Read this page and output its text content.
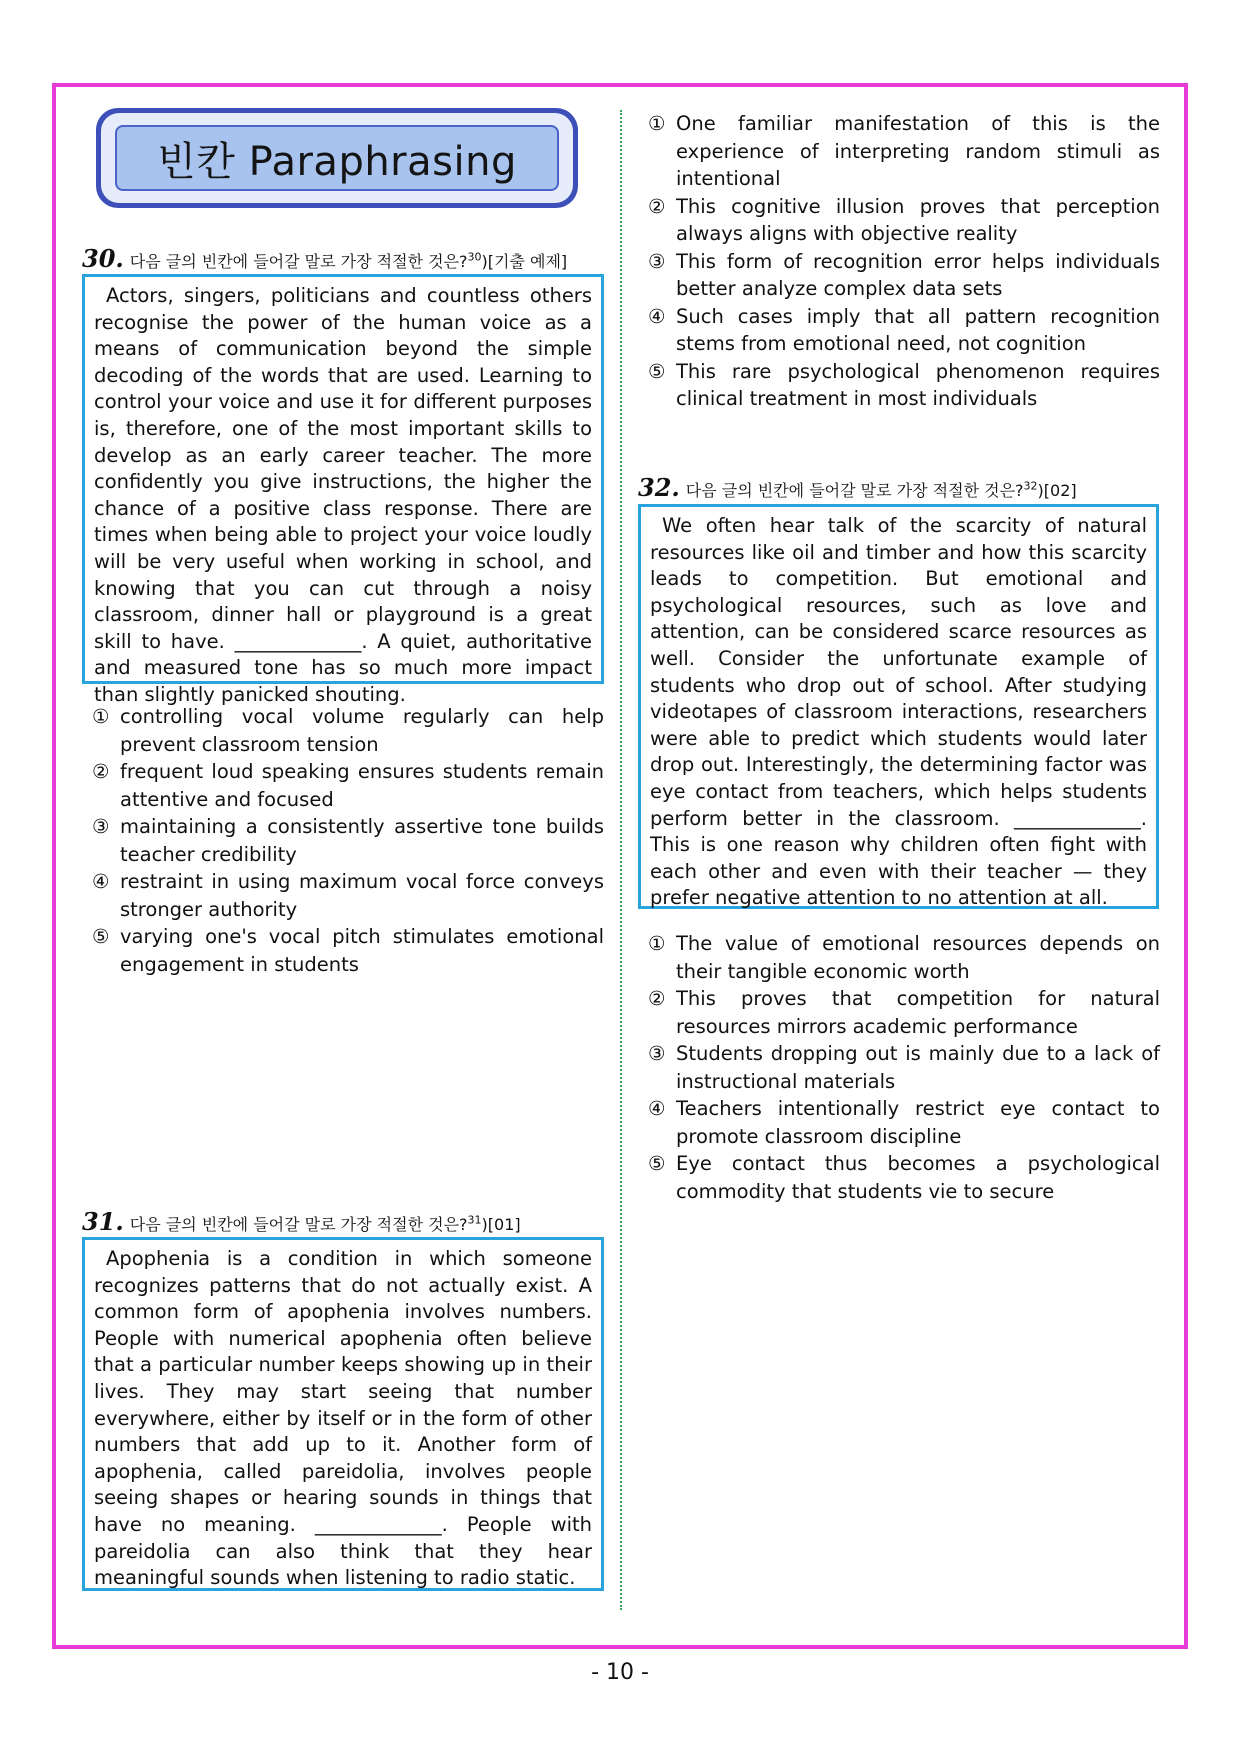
빈칸 Paraphrasing
30. 다음 글의 빈칸에 들어갈 말로 가장 적절한 것은?$^{30}$)[기출 예제]
Actors, singers, politicians and countless others recognise the power of the human voice as a means of communication beyond the simple decoding of the words that are used. Learning to control your voice and use it for different purposes is, therefore, one of the most important skills to develop as an early career teacher. The more confidently you give instructions, the higher the chance of a positive class response. There are times when being able to project your voice loudly will be very useful when working in school, and knowing that you can cut through a noisy classroom, dinner hall or playground is a great skill to have. _____________. A quiet, authoritative and measured tone has so much more impact than slightly panicked shouting.
① controlling vocal volume regularly can help prevent classroom tension
② frequent loud speaking ensures students remain attentive and focused
③ maintaining a consistently assertive tone builds teacher credibility
④ restraint in using maximum vocal force conveys stronger authority
⑤ varying one's vocal pitch stimulates emotional engagement in students
31. 다음 글의 빈칸에 들어갈 말로 가장 적절한 것은?$^{31}$)[01]
Apophenia is a condition in which someone recognizes patterns that do not actually exist. A common form of apophenia involves numbers. People with numerical apophenia often believe that a particular number keeps showing up in their lives. They may start seeing that number everywhere, either by itself or in the form of other numbers that add up to it. Another form of apophenia, called pareidolia, involves people seeing shapes or hearing sounds in things that have no meaning. _____________. People with pareidolia can also think that they hear meaningful sounds when listening to radio static.
① One familiar manifestation of this is the experience of interpreting random stimuli as intentional
② This cognitive illusion proves that perception always aligns with objective reality
③ This form of recognition error helps individuals better analyze complex data sets
④ Such cases imply that all pattern recognition stems from emotional need, not cognition
⑤ This rare psychological phenomenon requires clinical treatment in most individuals
32. 다음 글의 빈칸에 들어갈 말로 가장 적절한 것은?$^{32}$)[02]
We often hear talk of the scarcity of natural resources like oil and timber and how this scarcity leads to competition. But emotional and psychological resources, such as love and attention, can be considered scarce resources as well. Consider the unfortunate example of students who drop out of school. After studying videotapes of classroom interactions, researchers were able to predict which students would later drop out. Interestingly, the determining factor was eye contact from teachers, which helps students perform better in the classroom. _____________. This is one reason why children often fight with each other and even with their teacher — they prefer negative attention to no attention at all.
① The value of emotional resources depends on their tangible economic worth
② This proves that competition for natural resources mirrors academic performance
③ Students dropping out is mainly due to a lack of instructional materials
④ Teachers intentionally restrict eye contact to promote classroom discipline
⑤ Eye contact thus becomes a psychological commodity that students vie to secure
- 10 -
